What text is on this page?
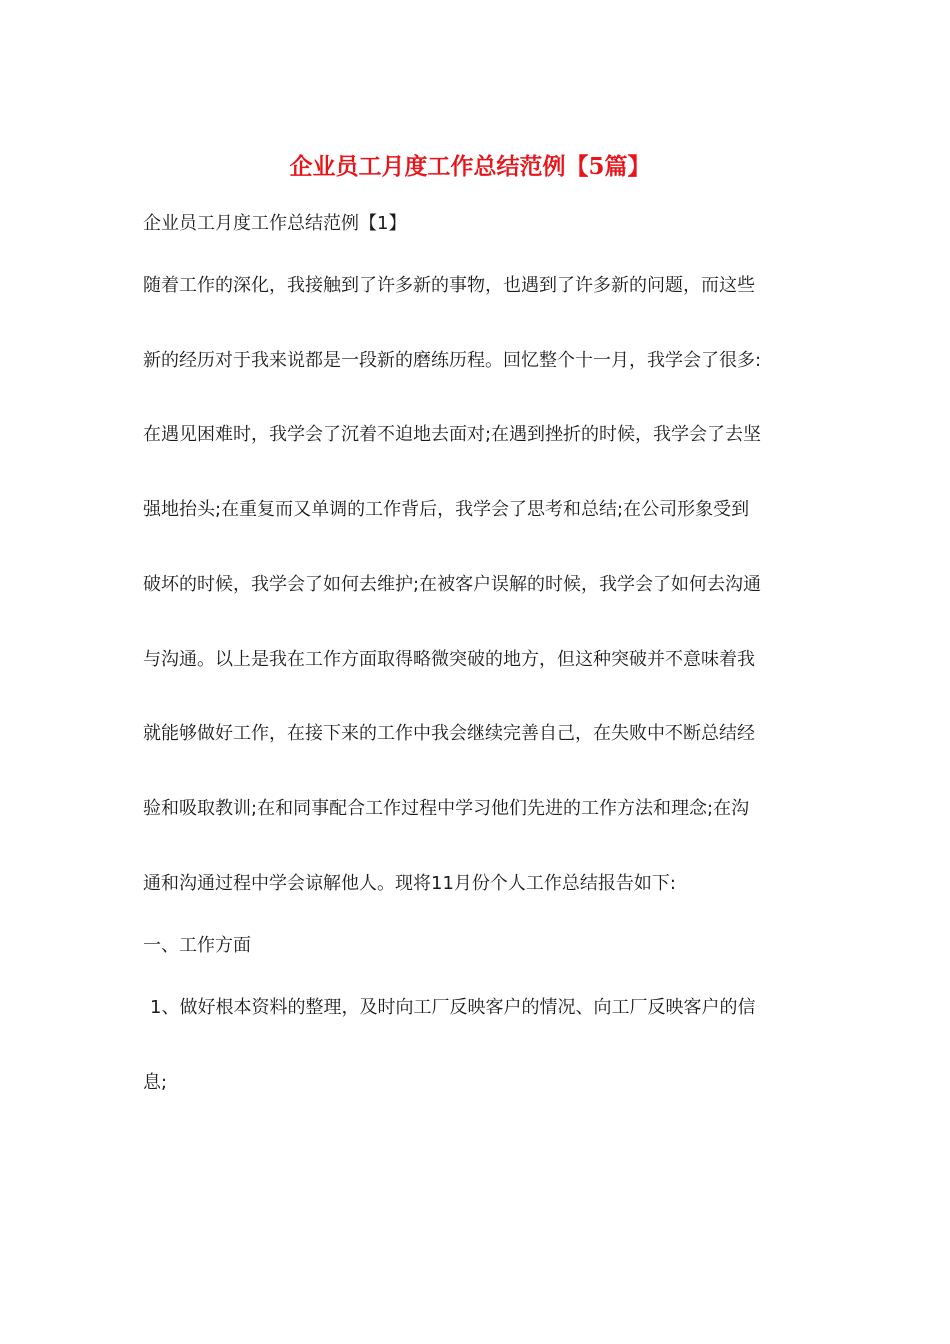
企业员工月度工作总结范例【5篇】

企业员工月度工作总结范例【1】

随着工作的深化，我接触到了许多新的事物，也遇到了许多新的问题，而这些

新的经历对于我来说都是一段新的磨练历程。回忆整个十一月，我学会了很多:

在遇见困难时，我学会了沉着不迫地去面对;在遇到挫折的时候，我学会了去坚

强地抬头;在重复而又单调的工作背后，我学会了思考和总结;在公司形象受到

破坏的时候，我学会了如何去维护;在被客户误解的时候，我学会了如何去沟通

与沟通。以上是我在工作方面取得略微突破的地方，但这种突破并不意味着我

就能够做好工作，在接下来的工作中我会继续完善自己，在失败中不断总结经

验和吸取教训;在和同事配合工作过程中学习他们先进的工作方法和理念;在沟

通和沟通过程中学会谅解他人。现将11月份个人工作总结报告如下:

一、工作方面

1、做好根本资料的整理，及时向工厂反映客户的情况、向工厂反映客户的信

息;
